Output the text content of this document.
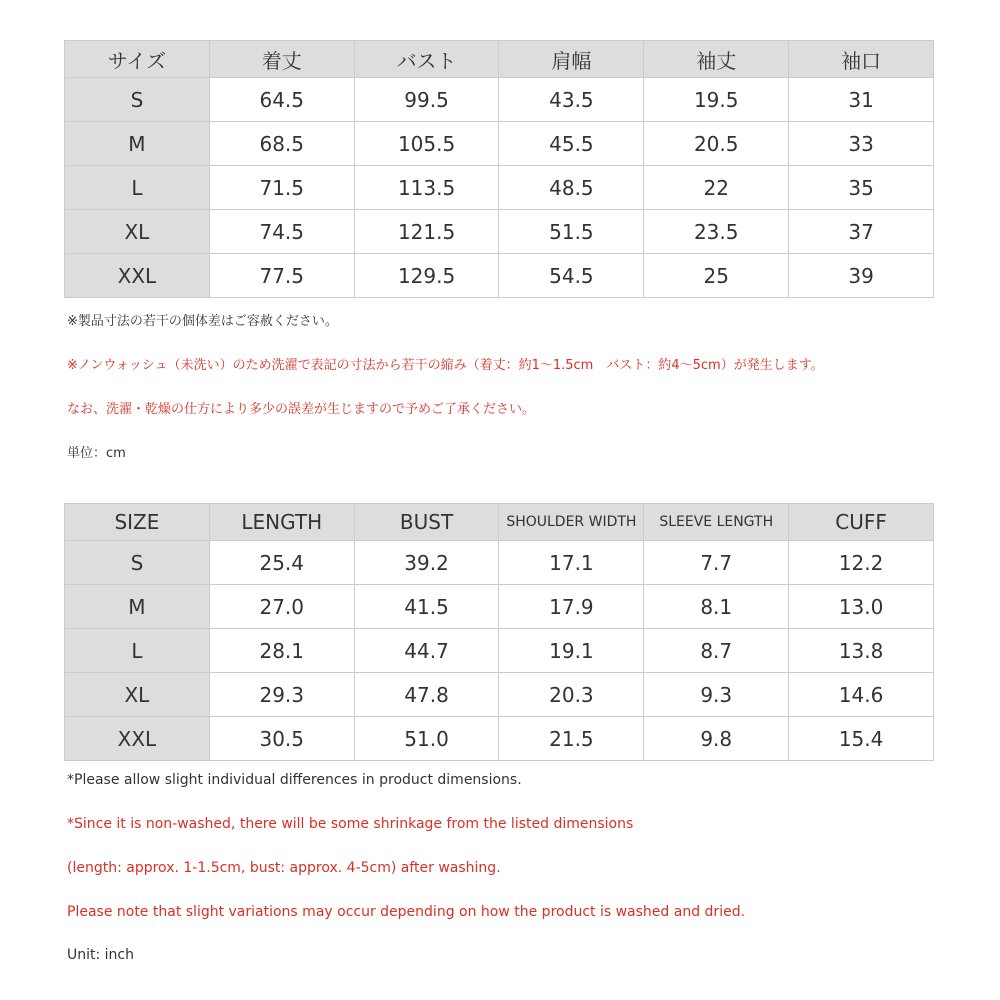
サイズ	着丈	バスト	肩幅	袖丈	袖口
S	64.5	99.5	43.5	19.5	31
M	68.5	105.5	45.5	20.5	33
L	71.5	113.5	48.5	22	35
XL	74.5	121.5	51.5	23.5	37
XXL	77.5	129.5	54.5	25	39

※製品寸法の若干の個体差はご容赦ください。

※ノンウォッシュ（未洗い）のため洗濯で表記の寸法から若干の縮み（着丈：約1～1.5cm　バスト：約4～5cm）が発生します。

なお、洗濯・乾燥の仕方により多少の誤差が生じますので予めご了承ください。

単位：cm

SIZE	LENGTH	BUST	SHOULDER WIDTH	SLEEVE LENGTH	CUFF
S	25.4	39.2	17.1	7.7	12.2
M	27.0	41.5	17.9	8.1	13.0
L	28.1	44.7	19.1	8.7	13.8
XL	29.3	47.8	20.3	9.3	14.6
XXL	30.5	51.0	21.5	9.8	15.4

*Please allow slight individual differences in product dimensions.

*Since it is non-washed, there will be some shrinkage from the listed dimensions

(length: approx. 1-1.5cm, bust: approx. 4-5cm) after washing.

Please note that slight variations may occur depending on how the product is washed and dried.

Unit: inch
